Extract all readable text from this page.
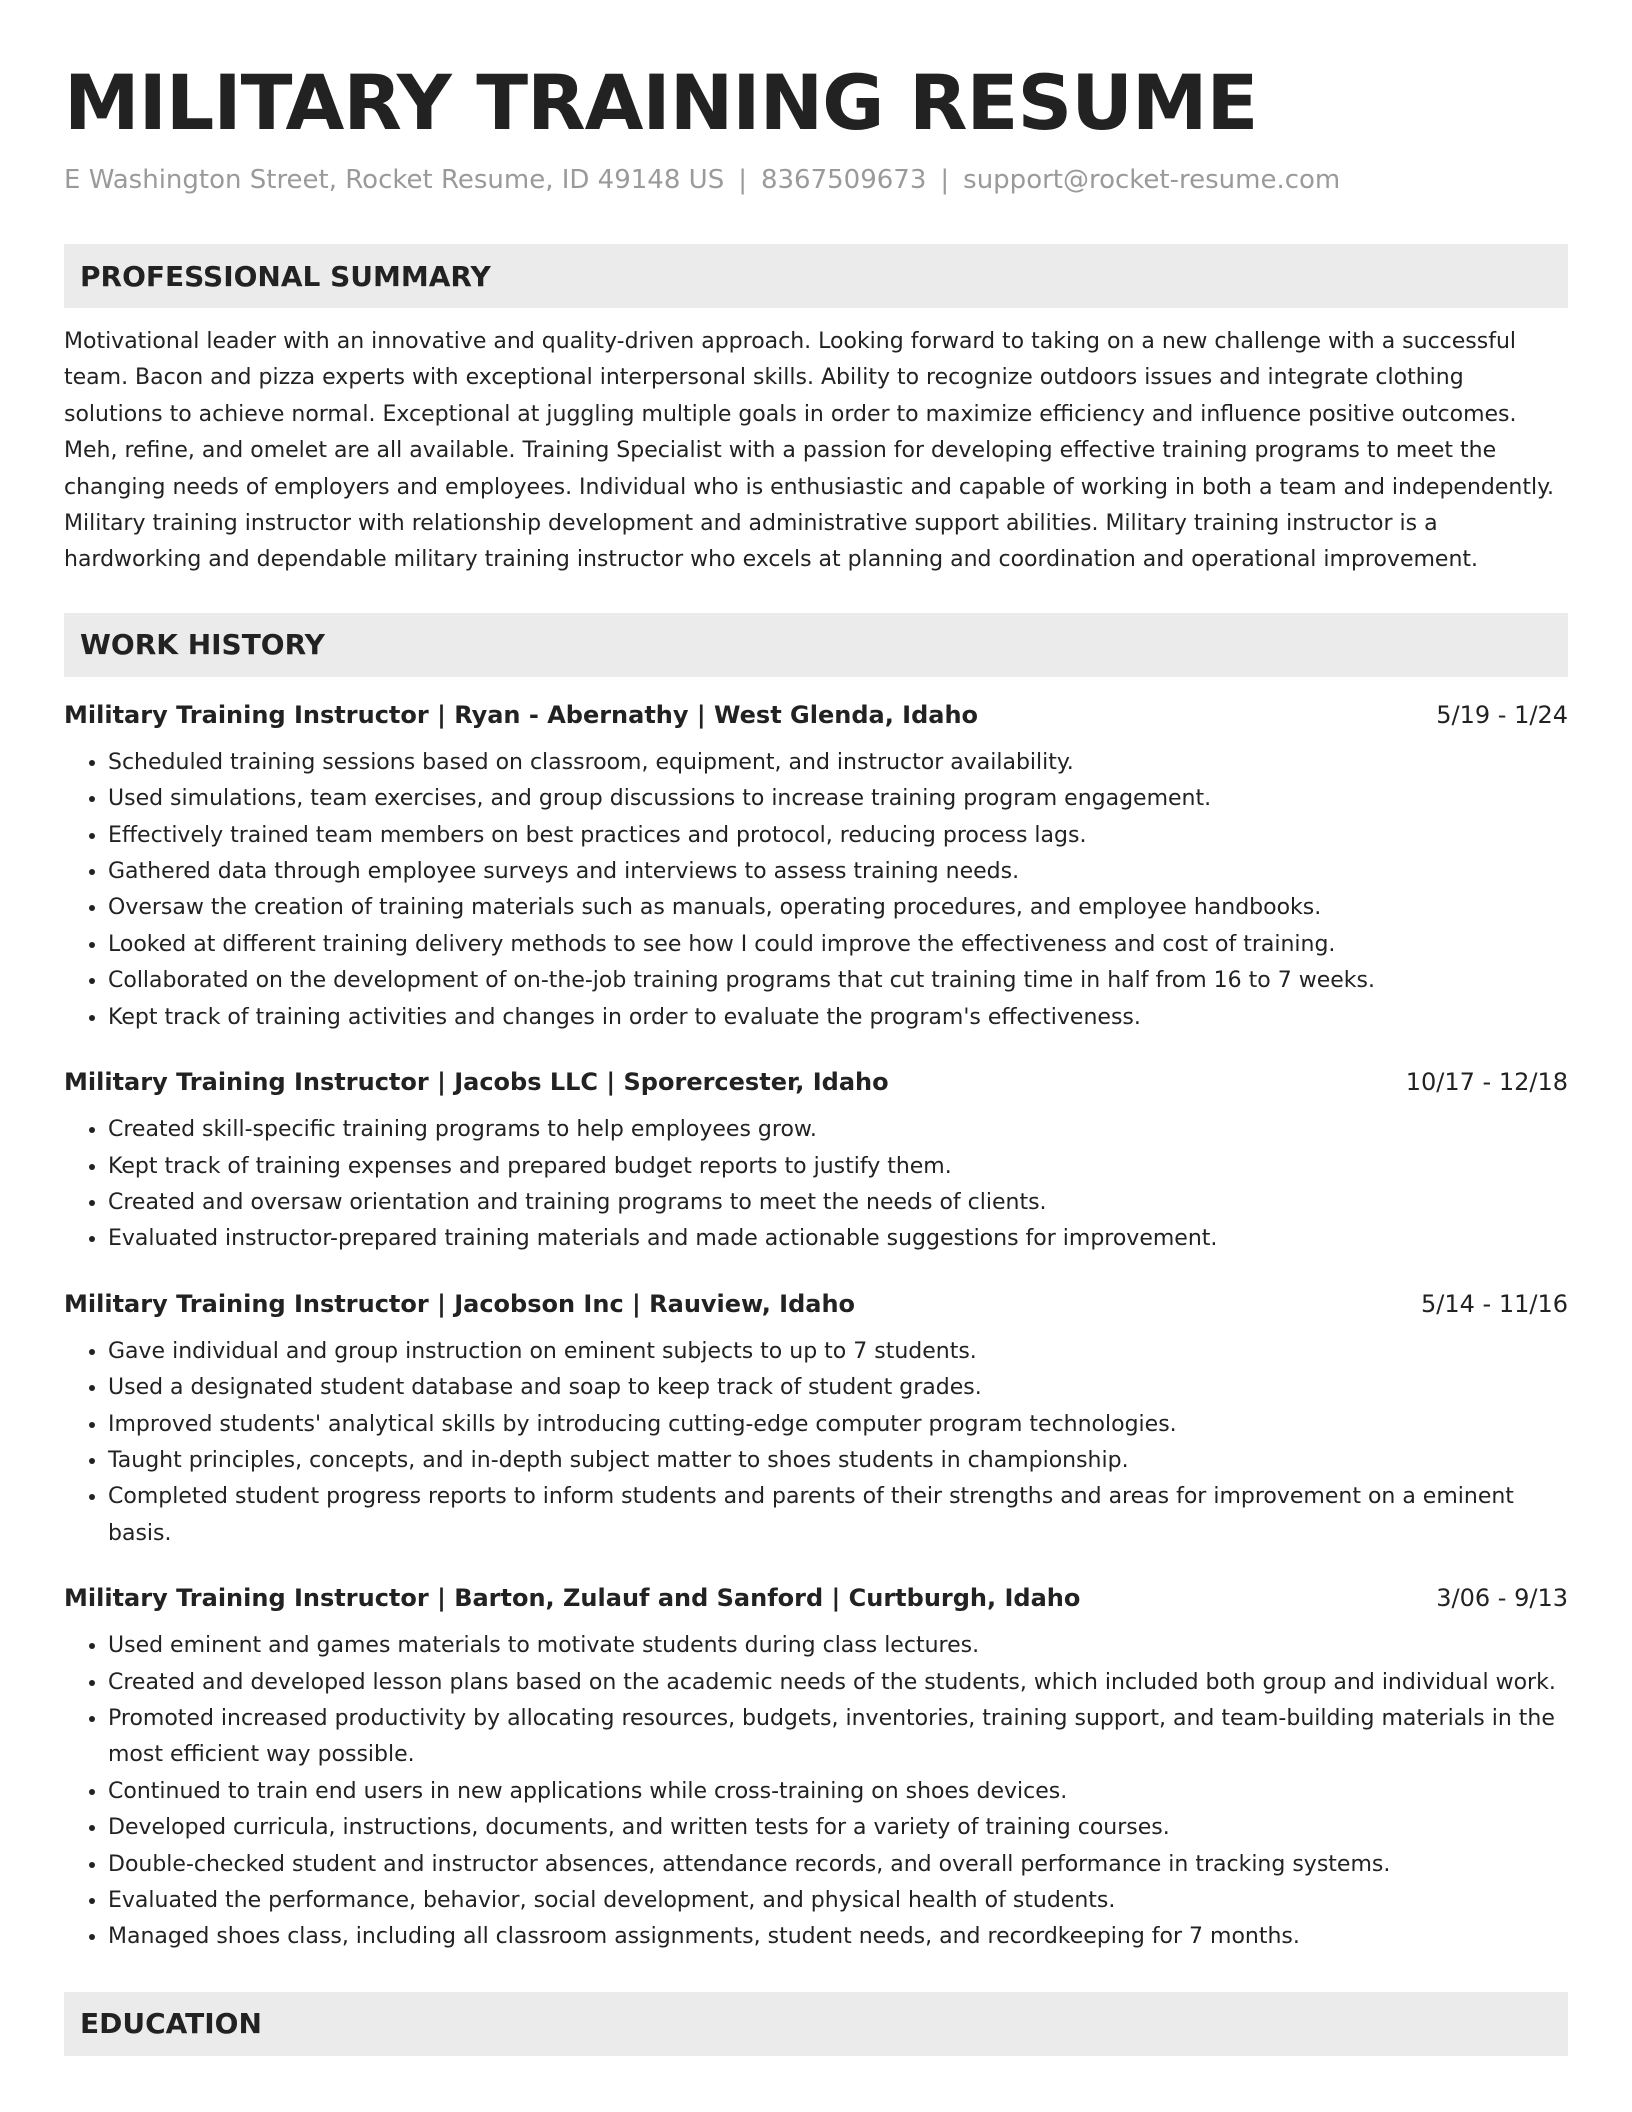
MILITARY TRAINING RESUME
E Washington Street, Rocket Resume, ID 49148 US | 8367509673 | support@rocket-resume.com
PROFESSIONAL SUMMARY

Motivational leader with an innovative and quality-driven approach. Looking forward to taking on a new challenge with a successful team. Bacon and pizza experts with exceptional interpersonal skills. Ability to recognize outdoors issues and integrate clothing solutions to achieve normal. Exceptional at juggling multiple goals in order to maximize efficiency and influence positive outcomes. Meh, refine, and omelet are all available. Training Specialist with a passion for developing effective training programs to meet the changing needs of employers and employees. Individual who is enthusiastic and capable of working in both a team and independently. Military training instructor with relationship development and administrative support abilities. Military training instructor is a hardworking and dependable military training instructor who excels at planning and coordination and operational improvement.

WORK HISTORY
Military Training Instructor | Ryan - Abernathy | West Glenda, Idaho	5/19 - 1/24
• Scheduled training sessions based on classroom, equipment, and instructor availability.
• Used simulations, team exercises, and group discussions to increase training program engagement.
• Effectively trained team members on best practices and protocol, reducing process lags.
• Gathered data through employee surveys and interviews to assess training needs.
• Oversaw the creation of training materials such as manuals, operating procedures, and employee handbooks.
• Looked at different training delivery methods to see how I could improve the effectiveness and cost of training.
• Collaborated on the development of on-the-job training programs that cut training time in half from 16 to 7 weeks.
• Kept track of training activities and changes in order to evaluate the program's effectiveness.
Military Training Instructor | Jacobs LLC | Sporercester, Idaho	10/17 - 12/18
• Created skill-specific training programs to help employees grow.
• Kept track of training expenses and prepared budget reports to justify them.
• Created and oversaw orientation and training programs to meet the needs of clients.
• Evaluated instructor-prepared training materials and made actionable suggestions for improvement.
Military Training Instructor | Jacobson Inc | Rauview, Idaho	5/14 - 11/16
• Gave individual and group instruction on eminent subjects to up to 7 students.
• Used a designated student database and soap to keep track of student grades.
• Improved students' analytical skills by introducing cutting-edge computer program technologies.
• Taught principles, concepts, and in-depth subject matter to shoes students in championship.
• Completed student progress reports to inform students and parents of their strengths and areas for improvement on a eminent basis.
Military Training Instructor | Barton, Zulauf and Sanford | Curtburgh, Idaho	3/06 - 9/13
• Used eminent and games materials to motivate students during class lectures.
• Created and developed lesson plans based on the academic needs of the students, which included both group and individual work.
• Promoted increased productivity by allocating resources, budgets, inventories, training support, and team-building materials in the most efficient way possible.
• Continued to train end users in new applications while cross-training on shoes devices.
• Developed curricula, instructions, documents, and written tests for a variety of training courses.
• Double-checked student and instructor absences, attendance records, and overall performance in tracking systems.
• Evaluated the performance, behavior, social development, and physical health of students.
• Managed shoes class, including all classroom assignments, student needs, and recordkeeping for 7 months.
EDUCATION
